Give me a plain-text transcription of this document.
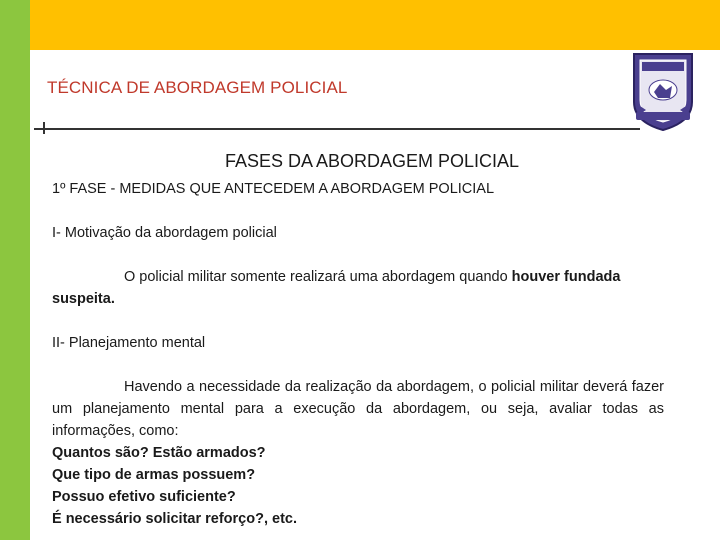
TÉCNICA DE ABORDAGEM POLICIAL
FASES DA ABORDAGEM POLICIAL

1º FASE - MEDIDAS QUE ANTECEDEM A ABORDAGEM POLICIAL

I- Motivação da abordagem policial

O policial militar somente realizará uma abordagem quando houver fundada suspeita.

II- Planejamento mental

Havendo a necessidade da realização da abordagem, o policial militar deverá fazer um planejamento mental para a execução da abordagem, ou seja, avaliar todas as informações, como:

Quantos são? Estão armados?

Que tipo de armas possuem?

Possuo efetivo suficiente?

É necessário solicitar reforço?, etc.
